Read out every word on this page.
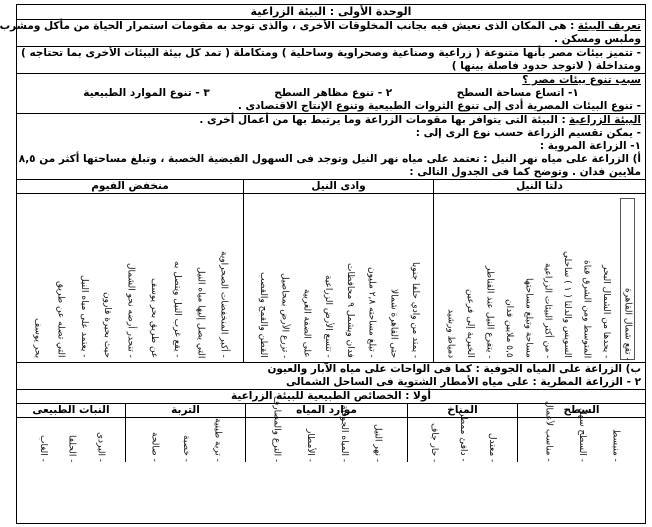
الوحدة الأولى : البيئة الزراعية
تعريف البيئة : هى المكان الذى نعيش فيه بجانب المخلوقات الأخرى ، والذى توجد به مقومات استمرار الحياة من مأكل ومشرب
وملبس ومسكن .
- تتميز بيئات مصر بأنها متنوعة ( زراعية وصناعية وصحراوية وساحلية ) ومتكاملة ( تمد كل بيئة البيئات الأخرى بما تحتاجه )
ومتداخلة ( لاتوجد حدود فاصلة بينها )
سبب تنوع بيئات مصر ؟
١- اتساع مساحة السطح
٢ - تنوع مظاهر السطح
٣ - تنوع الموارد الطبيعية
- تنوع البيئات المصرية أدى إلى تنوع الثروات الطبيعية وتنوع الإنتاج الاقتصادى .
البيئة الزراعية : البيئة التى يتوافر بها مقومات الزراعة وما يرتبط بها من أعمال أخرى .
- يمكن تقسيم الزراعة حسب نوع الرى إلى :
١- الزراعة المروية :
أ) الزراعة على مياه نهر النيل : تعتمد على مياه نهر النيل وتوجد فى السهول الفيضية الخصبة ، وتبلغ مساحتها أكثر من ٨,٥
ملايين فدان . وتوضح كما فى الجدول التالى :
دلتا النيل
- تقع شمال القاهرة
- يحدها من الشمال البحر
المتوسط ومن الشرق قناة
السويس والدلتا ( ١ ) ساحلي
- من أكثر البيئات الزراعية
مساحة وتبلغ مساحتها
٥,٥ ملايين فدان
- يتفرع النيل عند القناطر
الخيرية إلى فرعين
دمياط ورشيد
وادى النيل
- يمتد من وادي حلفا جنوبا
حتى القاهرة شمالا
- تبلغ مساحته ٢,٨ مليون
فدان ويشمل ٩ محافظات
- تتسع الأرض الزراعية
على الضفة الغربية
- تزرع الأرض بمحاصيل
القطن والقمح والقصب
منخفض الفيوم
- أكبر المنخفضات الصحراوية
التي يصل إليها مياه النيل
- يقع غرب النيل ويتصل به
عن طريق بحر يوسف
- تنحدر أرضه نحو الشمال
حيث بحيرة قارون
- يعتمد على مياه النيل
التي تصله عن طريق
بحر يوسف
ب) الزراعة على المياه الجوفية : كما فى الواحات على مياه الآبار والعيون
٢ - الزراعة المطرية : على مياه الأمطار الشتوية فى الساحل الشمالى
أولا : الخصائص الطبيعية للبيئة الزراعية
السطح
- منبسط
- السطح سهل
- مناسب لأعمال
المناخ
- معتدل
- دافئ ممطر
- حار جاف
موارد المياه
- نهر النيل
- المياه الجوفية
- الأمطار
- الترع والمصارف
التربة
- تربة طينية
- خصبة
- صالحة
النبات الطبيعى
- البردى
- الحلفا
- الغاب
